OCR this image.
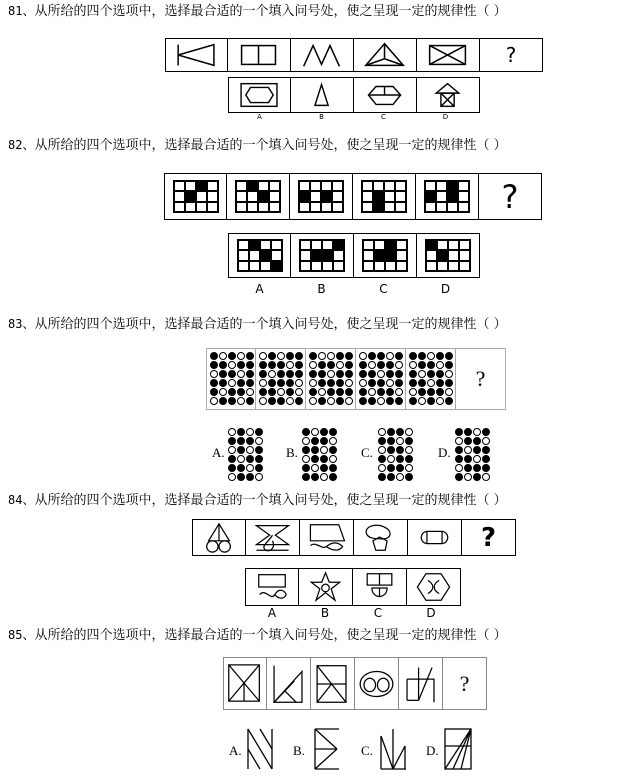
81、从所给的四个选项中，选择最合适的一个填入问号处，使之呈现一定的规律性（ ）
?
A	B	C	D
82、从所给的四个选项中，选择最合适的一个填入问号处，使之呈现一定的规律性（ ）
?
A	B	C	D
83、从所给的四个选项中，选择最合适的一个填入问号处，使之呈现一定的规律性（ ）
?
A.	B.	C.	D.
84、从所给的四个选项中，选择最合适的一个填入问号处，使之呈现一定的规律性（ ）
?
A	B	C	D
85、从所给的四个选项中，选择最合适的一个填入问号处，使之呈现一定的规律性（ ）
?
A.	B.	C.	D.
